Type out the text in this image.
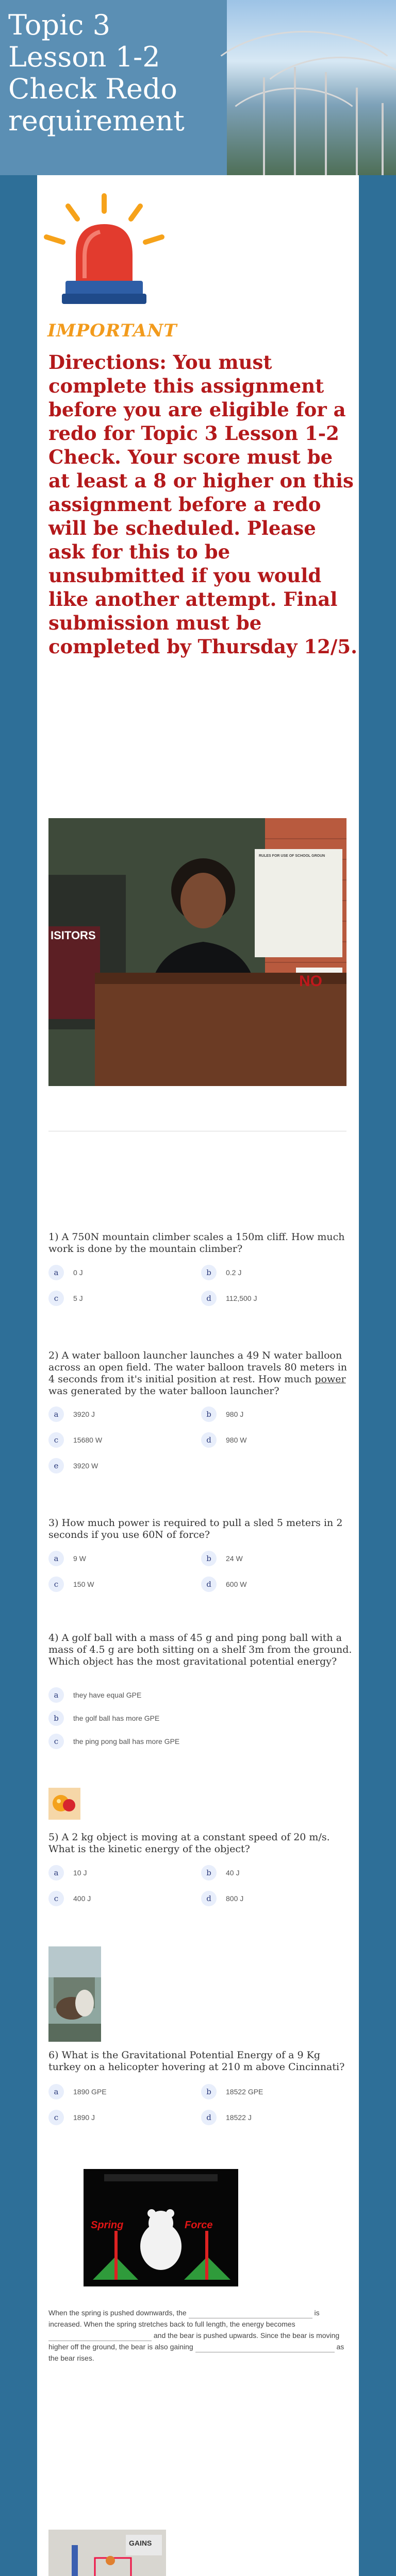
Topic 3 Lesson 1-2 Check Redo requirement
IMPORTANT
Directions: You must complete this assignment before you are eligible for a redo for Topic 3 Lesson 1-2 Check. Your score must be at least a 8 or higher on this assignment before a redo will be scheduled. Please ask for this to be unsubmitted if you would like another attempt. Final submission must be completed by Thursday 12/5.
RULES FOR USE OF SCHOOL GROUN
ISITORS
NO
1) A 750N mountain climber scales a 150m cliff. How much work is done by the mountain climber?
a	0 J	b	0.2 J
c	5 J	d	112,500 J
2) A water balloon launcher launches a 49 N water balloon across an open field. The water balloon travels 80 meters in 4 seconds from it's initial position at rest. How much power was generated by the water balloon launcher?
a	3920 J	b	980 J
c	15680 W	d	980 W
e	3920 W
3) How much power is required to pull a sled 5 meters in 2 seconds if you use 60N of force?
a	9 W	b	24 W
c	150 W	d	600 W
4) A golf ball with a mass of 45 g and ping pong ball with a mass of 4.5 g are both sitting on a shelf 3m from the ground. Which object has the most gravitational potential energy?
a	they have equal GPE
b	the golf ball has more GPE
c	the ping pong ball has more GPE
5) A 2 kg object is moving at a constant speed of 20 m/s. What is the kinetic energy of the object?
a	10 J	b	40 J
c	400 J	d	800 J
6) What is the Gravitational Potential Energy of a 9 Kg turkey on a helicopter hovering at 210 m above Cincinnati?
a	1890 GPE	b	18522 GPE
c	1890 J	d	18522 J
Spring	Force
When the spring is pushed downwards, the	is increased. When the spring stretches back to full length, the energy becomes  and the bear is pushed upwards. Since the bear is moving higher off the ground, the bear is also gaining	as the bear rises.
GAINS
